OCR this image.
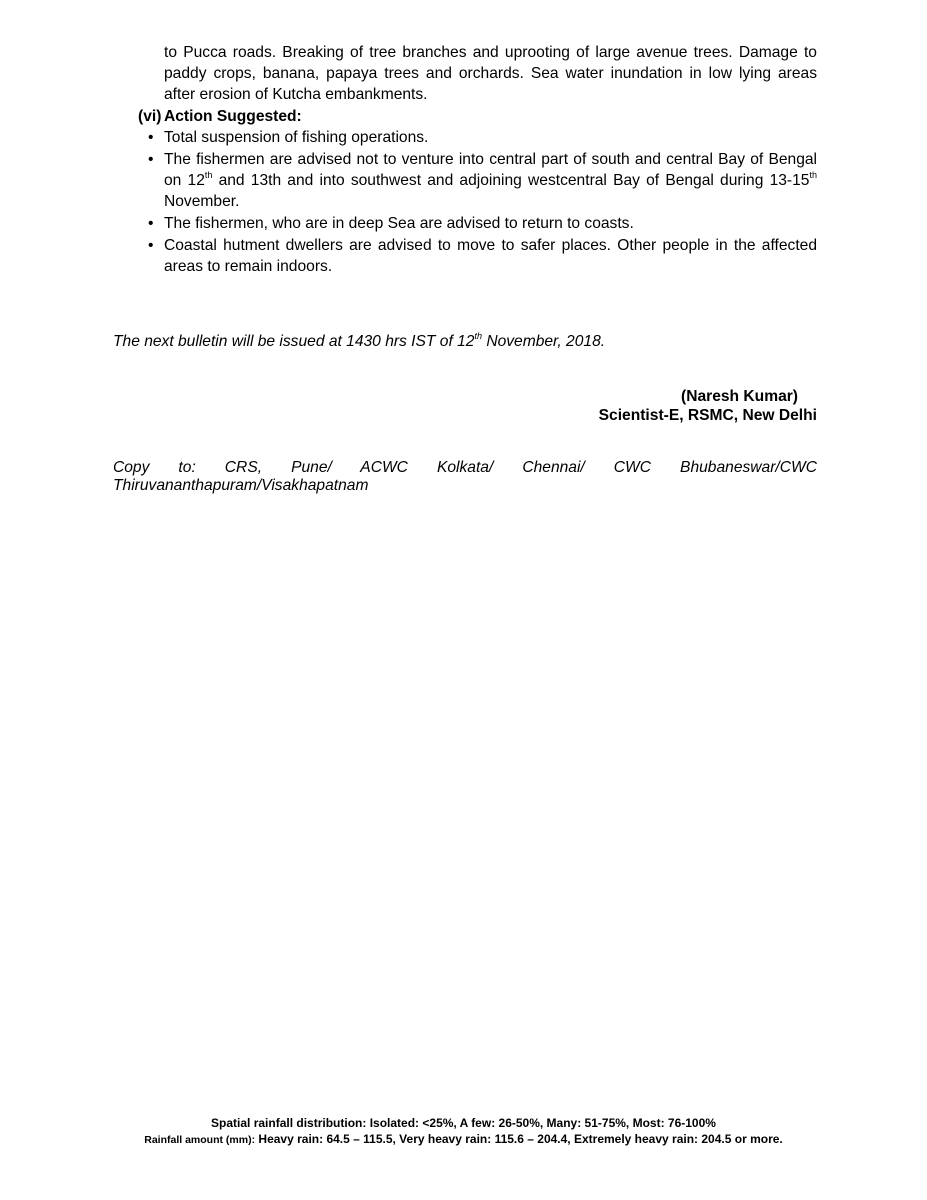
to Pucca roads. Breaking of tree branches and uprooting of large avenue trees. Damage to paddy crops, banana, papaya trees and orchards. Sea water inundation in low lying areas after erosion of Kutcha embankments.
(vi) Action Suggested:
• Total suspension of fishing operations.
• The fishermen are advised not to venture into central part of south and central Bay of Bengal on 12th and 13th and into southwest and adjoining westcentral Bay of Bengal during 13-15th November.
• The fishermen, who are in deep Sea are advised to return to coasts.
• Coastal hutment dwellers are advised to move to safer places. Other people in the affected areas to remain indoors.
The next bulletin will be issued at 1430 hrs IST of 12th November, 2018.
(Naresh Kumar)
Scientist-E, RSMC, New Delhi
Copy to: CRS, Pune/ ACWC Kolkata/ Chennai/ CWC Bhubaneswar/CWC
Thiruvananthapuram/Visakhapatnam
Spatial rainfall distribution: Isolated: <25%, A few: 26-50%, Many: 51-75%, Most: 76-100%
Rainfall amount (mm): Heavy rain: 64.5 – 115.5, Very heavy rain: 115.6 – 204.4, Extremely heavy rain: 204.5 or more.
